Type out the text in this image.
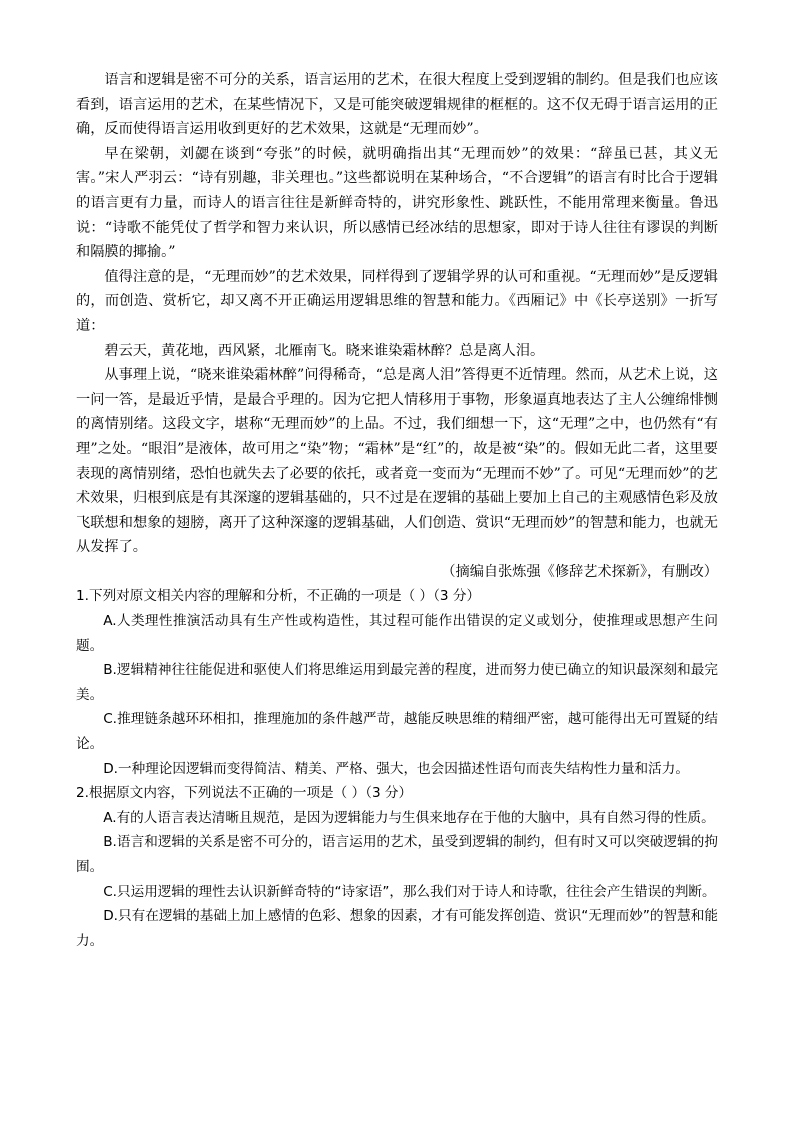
语言和逻辑是密不可分的关系，语言运用的艺术，在很大程度上受到逻辑的制约。但是我们也应该看到，语言运用的艺术，在某些情况下，又是可能突破逻辑规律的框框的。这不仅无碍于语言运用的正确，反而使得语言运用收到更好的艺术效果，这就是“无理而妙”。

早在梁朝，刘勰在谈到“夸张”的时候，就明确指出其“无理而妙”的效果：“辞虽已甚，其义无害。”宋人严羽云：“诗有别趣，非关理也。”这些都说明在某种场合，“不合逻辑”的语言有时比合于逻辑的语言更有力量，而诗人的语言往往是新鲜奇特的，讲究形象性、跳跃性，不能用常理来衡量。鲁迅说：“诗歌不能凭仗了哲学和智力来认识，所以感情已经冰结的思想家，即对于诗人往往有谬误的判断和隔膜的揶揄。”

值得注意的是，“无理而妙”的艺术效果，同样得到了逻辑学界的认可和重视。“无理而妙”是反逻辑的，而创造、赏析它，却又离不开正确运用逻辑思维的智慧和能力。《西厢记》中《长亭送别》一折写道：

碧云天，黄花地，西风紧，北雁南飞。晓来谁染霜林醉？总是离人泪。

从事理上说，“晓来谁染霜林醉”问得稀奇，“总是离人泪”答得更不近情理。然而，从艺术上说，这一问一答，是最近乎情，是最合乎理的。因为它把人情移用于事物，形象逼真地表达了主人公缠绵悱恻的离情别绪。这段文字，堪称“无理而妙”的上品。不过，我们细想一下，这“无理”之中，也仍然有“有理”之处。“眼泪”是液体，故可用之“染”物；“霜林”是“红”的，故是被“染”的。假如无此二者，这里要表现的离情别绪，恐怕也就失去了必要的依托，或者竟一变而为“无理而不妙”了。可见“无理而妙”的艺术效果，归根到底是有其深邃的逻辑基础的，只不过是在逻辑的基础上要加上自己的主观感情色彩及放飞联想和想象的翅膀，离开了这种深邃的逻辑基础，人们创造、赏识“无理而妙”的智慧和能力，也就无从发挥了。

（摘编自张炼强《修辞艺术探新》，有删改）

1.下列对原文相关内容的理解和分析，不正确的一项是（ ）（3 分）

A.人类理性推演活动具有生产性或构造性，其过程可能作出错误的定义或划分，使推理或思想产生问题。

B.逻辑精神往往能促进和驱使人们将思维运用到最完善的程度，进而努力使已确立的知识最深刻和最完美。

C.推理链条越环环相扣，推理施加的条件越严苛，越能反映思维的精细严密，越可能得出无可置疑的结论。

D.一种理论因逻辑而变得简洁、精美、严格、强大，也会因描述性语句而丧失结构性力量和活力。

2.根据原文内容，下列说法不正确的一项是（ ）（3 分）

A.有的人语言表达清晰且规范，是因为逻辑能力与生俱来地存在于他的大脑中，具有自然习得的性质。

B.语言和逻辑的关系是密不可分的，语言运用的艺术，虽受到逻辑的制约，但有时又可以突破逻辑的拘囿。

C.只运用逻辑的理性去认识新鲜奇特的“诗家语”，那么我们对于诗人和诗歌，往往会产生错误的判断。

D.只有在逻辑的基础上加上感情的色彩、想象的因素，才有可能发挥创造、赏识“无理而妙”的智慧和能力。
